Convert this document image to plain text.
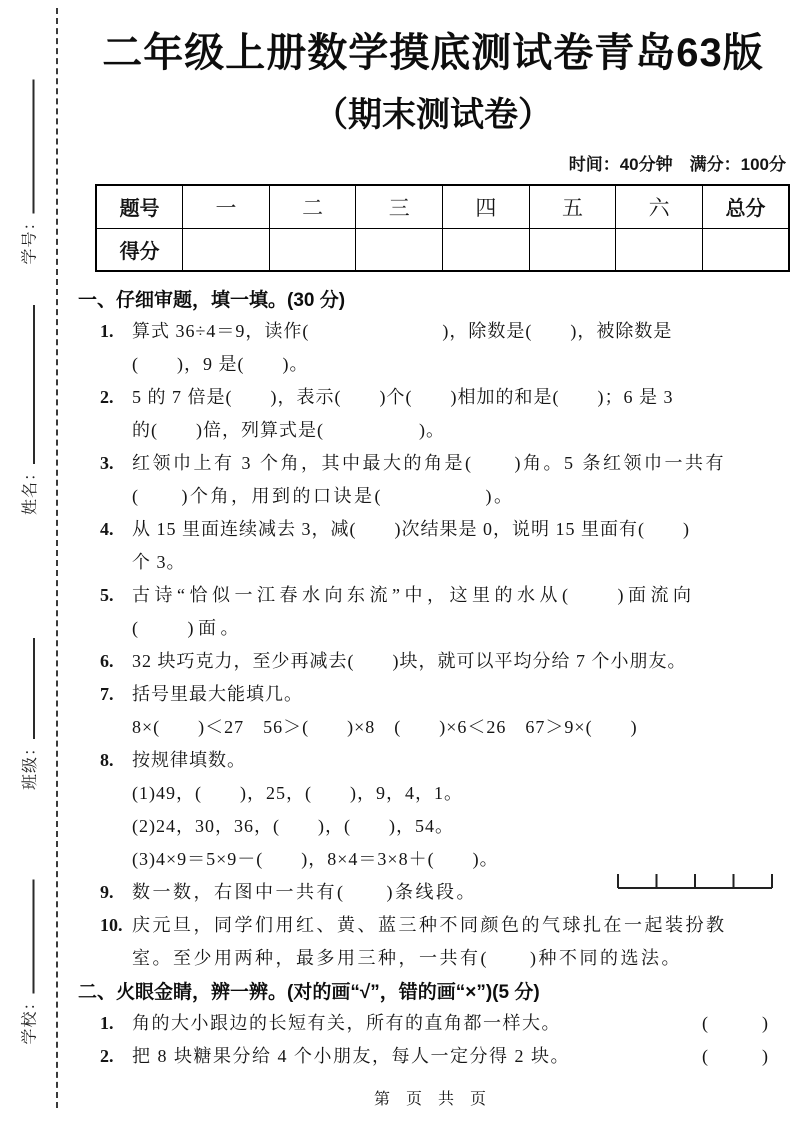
学号：
姓名：
班级：
学校：
二年级上册数学摸底测试卷青岛63版
（期末测试卷）
时间：40分钟　满分：100分
题号	一	二	三	四	五	六	总分
得分							
一、仔细审题，填一填。(30 分)
1.	算式 36÷4＝9，读作(　　　　　　　)，除数是(　　)，被除数是
(　　)，9 是(　　)。
2.	5 的 7 倍是(　　)，表示(　　)个(　　)相加的和是(　　)；6 是 3
的(　　)倍，列算式是(　　　　　)。
3.	红领巾上有 3 个角，其中最大的角是(　　)角。5 条红领巾一共有
(　　)个角，用到的口诀是(　　　　　)。
4.	从 15 里面连续减去 3，减(　　)次结果是 0，说明 15 里面有(　　)
个 3。
5.	古诗“恰似一江春水向东流”中，这里的水从(　　)面流向
(　　)面。
6.	32 块巧克力，至少再减去(　　)块，就可以平均分给 7 个小朋友。
7.	括号里最大能填几。
8×(　　)＜27　56＞(　　)×8　(　　)×6＜26　67＞9×(　　)
8.	按规律填数。
(1)49，(　　)，25，(　　)，9，4，1。
(2)24，30，36，(　　)，(　　)，54。
(3)4×9＝5×9－(　　)，8×4＝3×8＋(　　)。
9.	数一数，右图中一共有(　　)条线段。
10. 庆元旦，同学们用红、黄、蓝三种不同颜色的气球扎在一起装扮教
室。至少用两种，最多用三种，一共有(　　)种不同的选法。
二、火眼金睛，辨一辨。(对的画“√”，错的画“×”)(5 分)
1.	角的大小跟边的长短有关，所有的直角都一样大。	(　　)
2.	把 8 块糖果分给 4 个小朋友，每人一定分得 2 块。	(　　)
第 页 共 页
